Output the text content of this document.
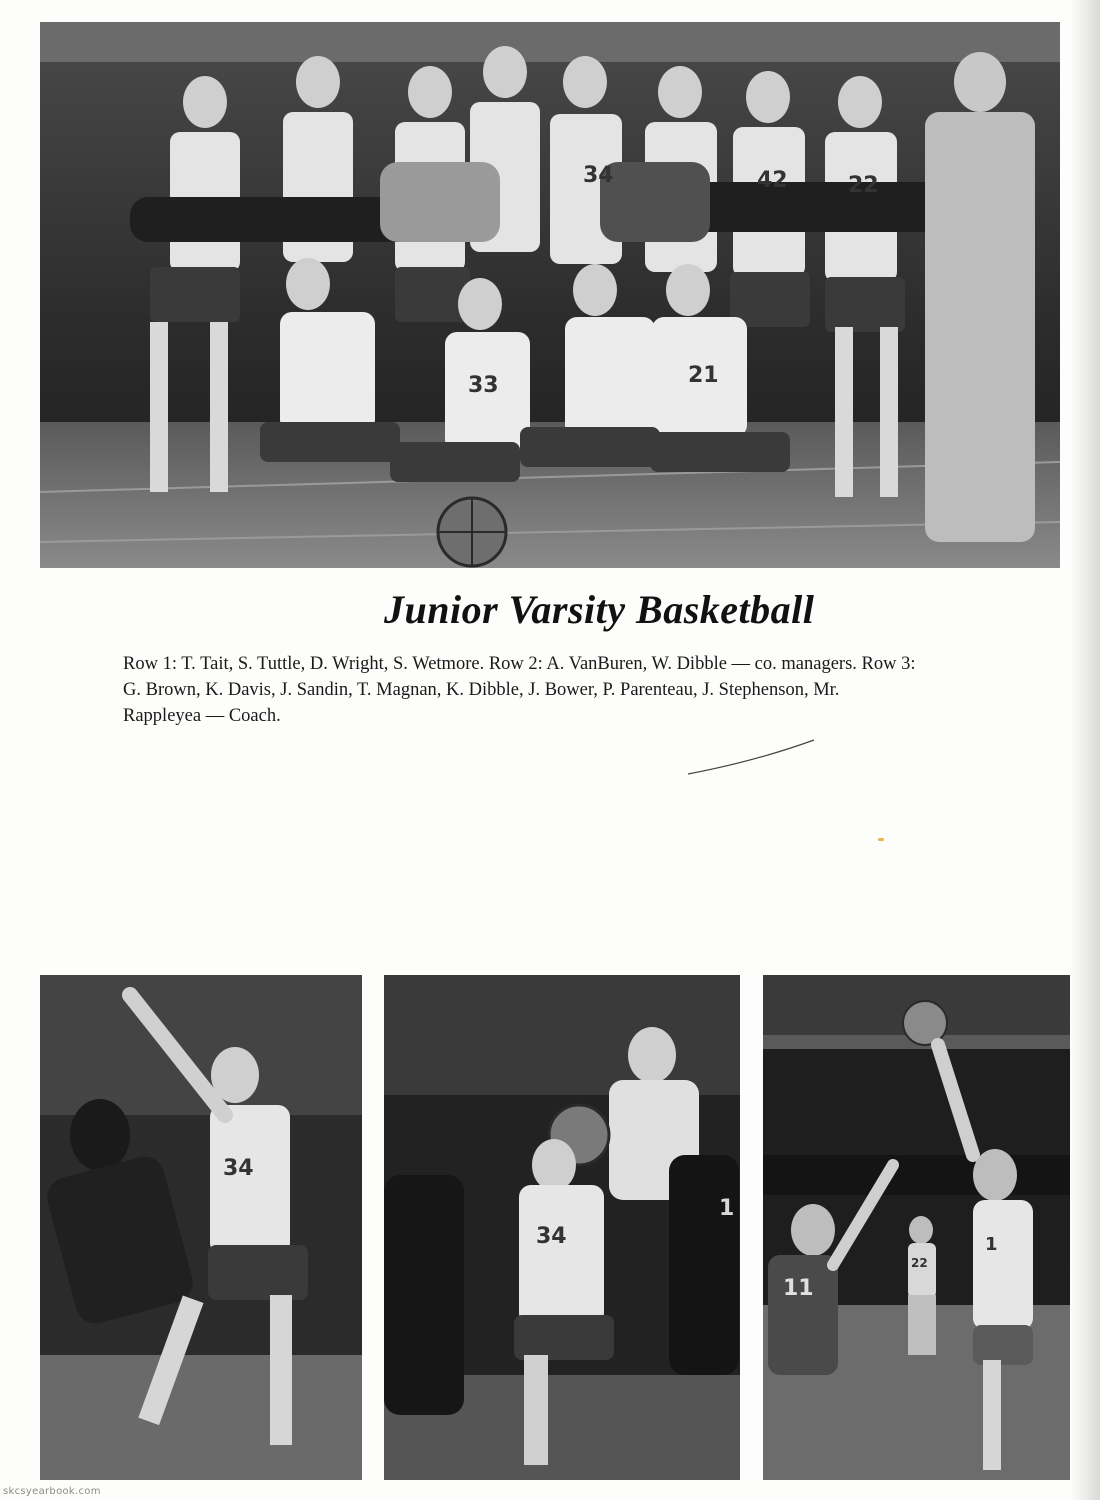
34	42	22
33	21
Junior Varsity Basketball

Row 1: T. Tait, S. Tuttle, D. Wright, S. Wetmore. Row 2: A. VanBuren, W. Dibble — co. managers. Row 3:
G. Brown, K. Davis, J. Sandin, T. Magnan, K. Dibble, J. Bower, P. Parenteau, J. Stephenson, Mr.
Rappleyea — Coach.

34
34
1
11
22
1
skcsyearbook.com
